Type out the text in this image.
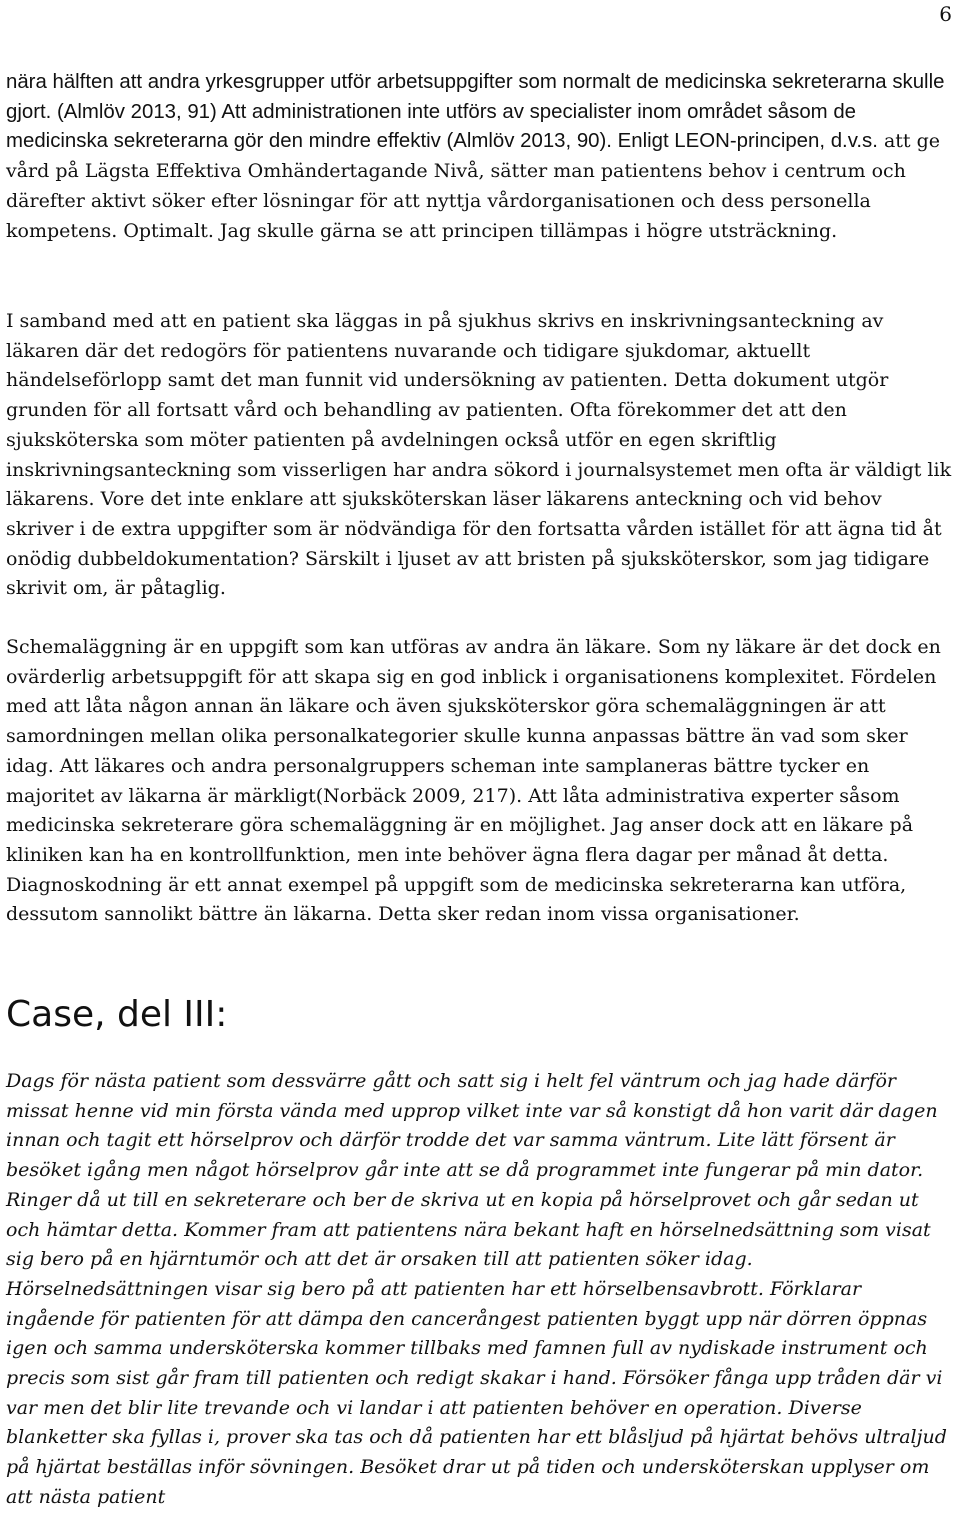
6

nära hälften att andra yrkesgrupper utför arbetsuppgifter som normalt de medicinska sekreterarna skulle gjort. (Almlöv 2013, 91) Att administrationen inte utförs av specialister inom området såsom de medicinska sekreterarna gör den mindre effektiv (Almlöv 2013, 90). Enligt LEON-principen, d.v.s. att ge vård på Lägsta Effektiva Omhändertagande Nivå, sätter man patientens behov i centrum och därefter aktivt söker efter lösningar för att nyttja vårdorganisationen och dess personella kompetens. Optimalt. Jag skulle gärna se att principen tillämpas i högre utsträckning.

I samband med att en patient ska läggas in på sjukhus skrivs en inskrivningsanteckning av läkaren där det redogörs för patientens nuvarande och tidigare sjukdomar, aktuellt händelseförlopp samt det man funnit vid undersökning av patienten. Detta dokument utgör grunden för all fortsatt vård och behandling av patienten. Ofta förekommer det att den sjuksköterska som möter patienten på avdelningen också utför en egen skriftlig inskrivningsanteckning som visserligen har andra sökord i journalsystemet men ofta är väldigt lik läkarens. Vore det inte enklare att sjuksköterskan läser läkarens anteckning och vid behov skriver i de extra uppgifter som är nödvändiga för den fortsatta vården istället för att ägna tid åt onödig dubbeldokumentation? Särskilt i ljuset av att bristen på sjuksköterskor, som jag tidigare skrivit om, är påtaglig.

Schemaläggning är en uppgift som kan utföras av andra än läkare. Som ny läkare är det dock en ovärderlig arbetsuppgift för att skapa sig en god inblick i organisationens komplexitet. Fördelen med att låta någon annan än läkare och även sjuksköterskor göra schemaläggningen är att samordningen mellan olika personalkategorier skulle kunna anpassas bättre än vad som sker idag. Att läkares och andra personalgruppers scheman inte samplaneras bättre tycker en majoritet av läkarna är märkligt(Norbäck 2009, 217). Att låta administrativa experter såsom medicinska sekreterare göra schemaläggning är en möjlighet. Jag anser dock att en läkare på kliniken kan ha en kontrollfunktion, men inte behöver ägna flera dagar per månad åt detta. Diagnoskodning är ett annat exempel på uppgift som de medicinska sekreterarna kan utföra, dessutom sannolikt bättre än läkarna. Detta sker redan inom vissa organisationer.

Case, del III:

Dags för nästa patient som dessvärre gått och satt sig i helt fel väntrum och jag hade därför missat henne vid min första vända med upprop vilket inte var så konstigt då hon varit där dagen innan och tagit ett hörselprov och därför trodde det var samma väntrum. Lite lätt försent är besöket igång men något hörselprov går inte att se då programmet inte fungerar på min dator. Ringer då ut till en sekreterare och ber de skriva ut en kopia på hörselprovet och går sedan ut och hämtar detta. Kommer fram att patientens nära bekant haft en hörselnedsättning som visat sig bero på en hjärntumör och att det är orsaken till att patienten söker idag. Hörselnedsättningen visar sig bero på att patienten har ett hörselbensavbrott. Förklarar ingående för patienten för att dämpa den cancerångest patienten byggt upp när dörren öppnas igen och samma undersköterska kommer tillbaks med famnen full av nydiskade instrument och precis som sist går fram till patienten och redigt skakar i hand. Försöker fånga upp tråden där vi var men det blir lite trevande och vi landar i att patienten behöver en operation. Diverse blanketter ska fyllas i, prover ska tas och då patienten har ett blåsljud på hjärtat behövs ultraljud på hjärtat beställas inför sövningen. Besöket drar ut på tiden och undersköterskan upplyser om att nästa patient
